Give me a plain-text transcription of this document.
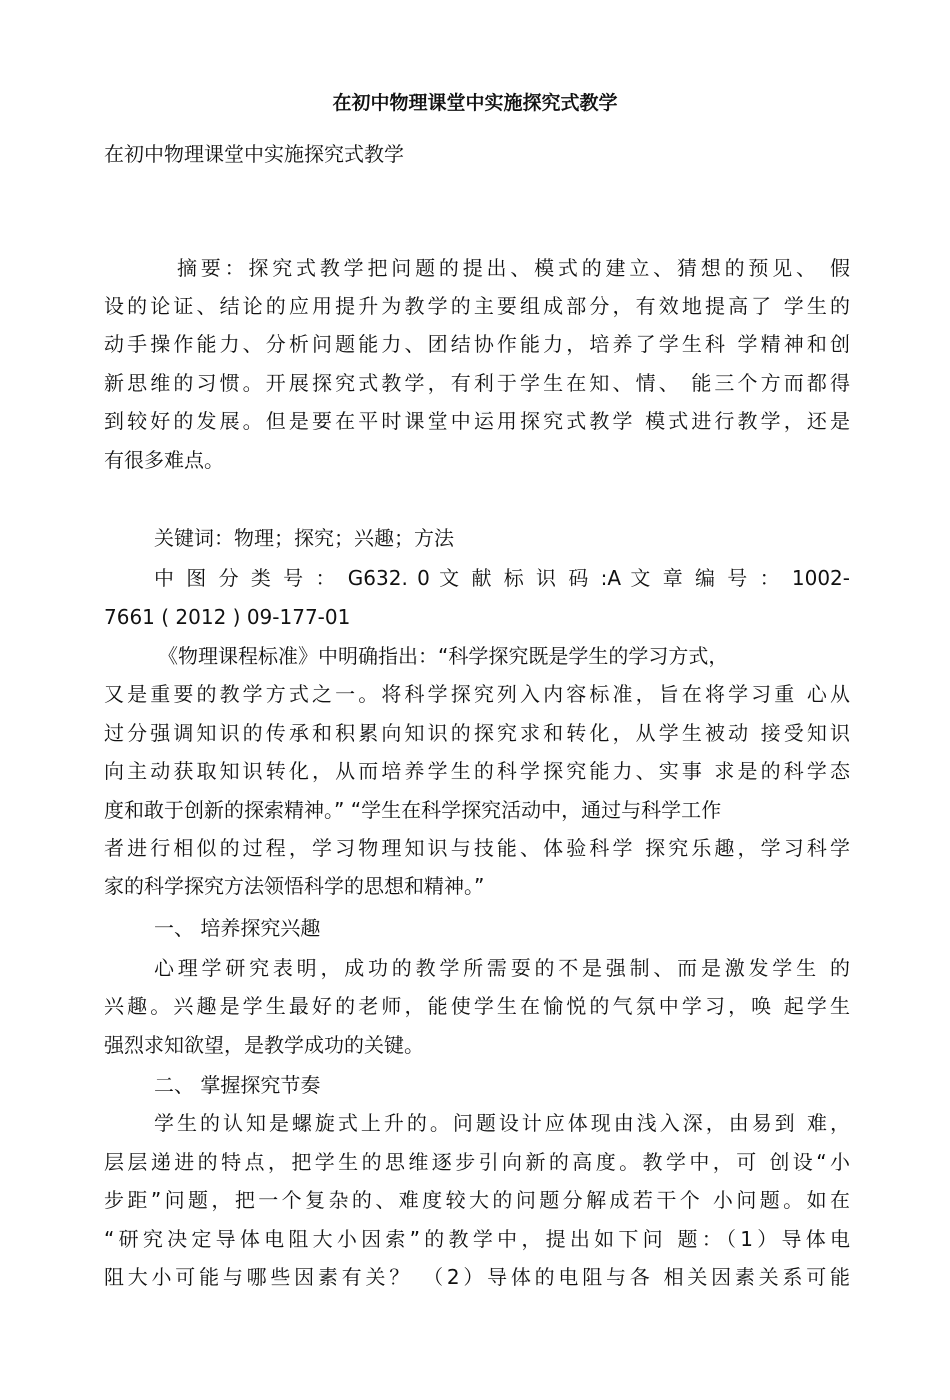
在初中物理课堂中实施探究式教学
在初中物理课堂中实施探究式教学
摘要：探究式教学把问题的提出、模式的建立、猜想的预见、 假
设的论证、结论的应用提升为教学的主要组成部分，有效地提高了 学生的
动手操作能力、分析问题能力、团结协作能力，培养了学生科 学精神和创
新思维的习惯。开展探究式教学，有利于学生在知、情、 能三个方而都得
到较好的发展。但是要在平时课堂中运用探究式教学 模式进行教学，还是
有很多难点。
关键词：物理；探究；兴趣；方法
中 图 分 类 号 ： G632. 0 文 献 标 识 码 :A 文 章 编 号 ： 1002-
7661 ( 2012 ) 09-177-01
《物理课程标准》中明确指出：“科学探究既是学生的学习方式，
又是重要的教学方式之一。将科学探究列入内容标准，旨在将学习重 心从
过分强调知识的传承和积累向知识的探究求和转化，从学生被动 接受知识
向主动获取知识转化，从而培养学生的科学探究能力、实事 求是的科学态
度和敢于创新的探索精神。” “学生在科学探究活动中，通过与科学工作
者进行相似的过程，学习物理知识与技能、体验科学 探究乐趣，学习科学
家的科学探究方法领悟科学的思想和精神。”
一、 培养探究兴趣
心理学研究表明，成功的教学所需耍的不是强制、而是激发学生 的
兴趣。兴趣是学生最好的老师，能使学生在愉悦的气氛中学习，唤 起学生
强烈求知欲望，是教学成功的关键。
二、 掌握探究节奏
学生的认知是螺旋式上升的。问题设计应体现由浅入深，由易到 难，
层层递进的特点，把学生的思维逐步引向新的高度。教学中，可 创设“小
步距”问题，把一个复杂的、难度较大的问题分解成若干个 小问题。如在
“研究决定导体电阻大小因索”的教学中，提出如下问 题：（1）导体电
阻大小可能与哪些因素有关？ （2）导体的电阻与各 相关因素关系可能
